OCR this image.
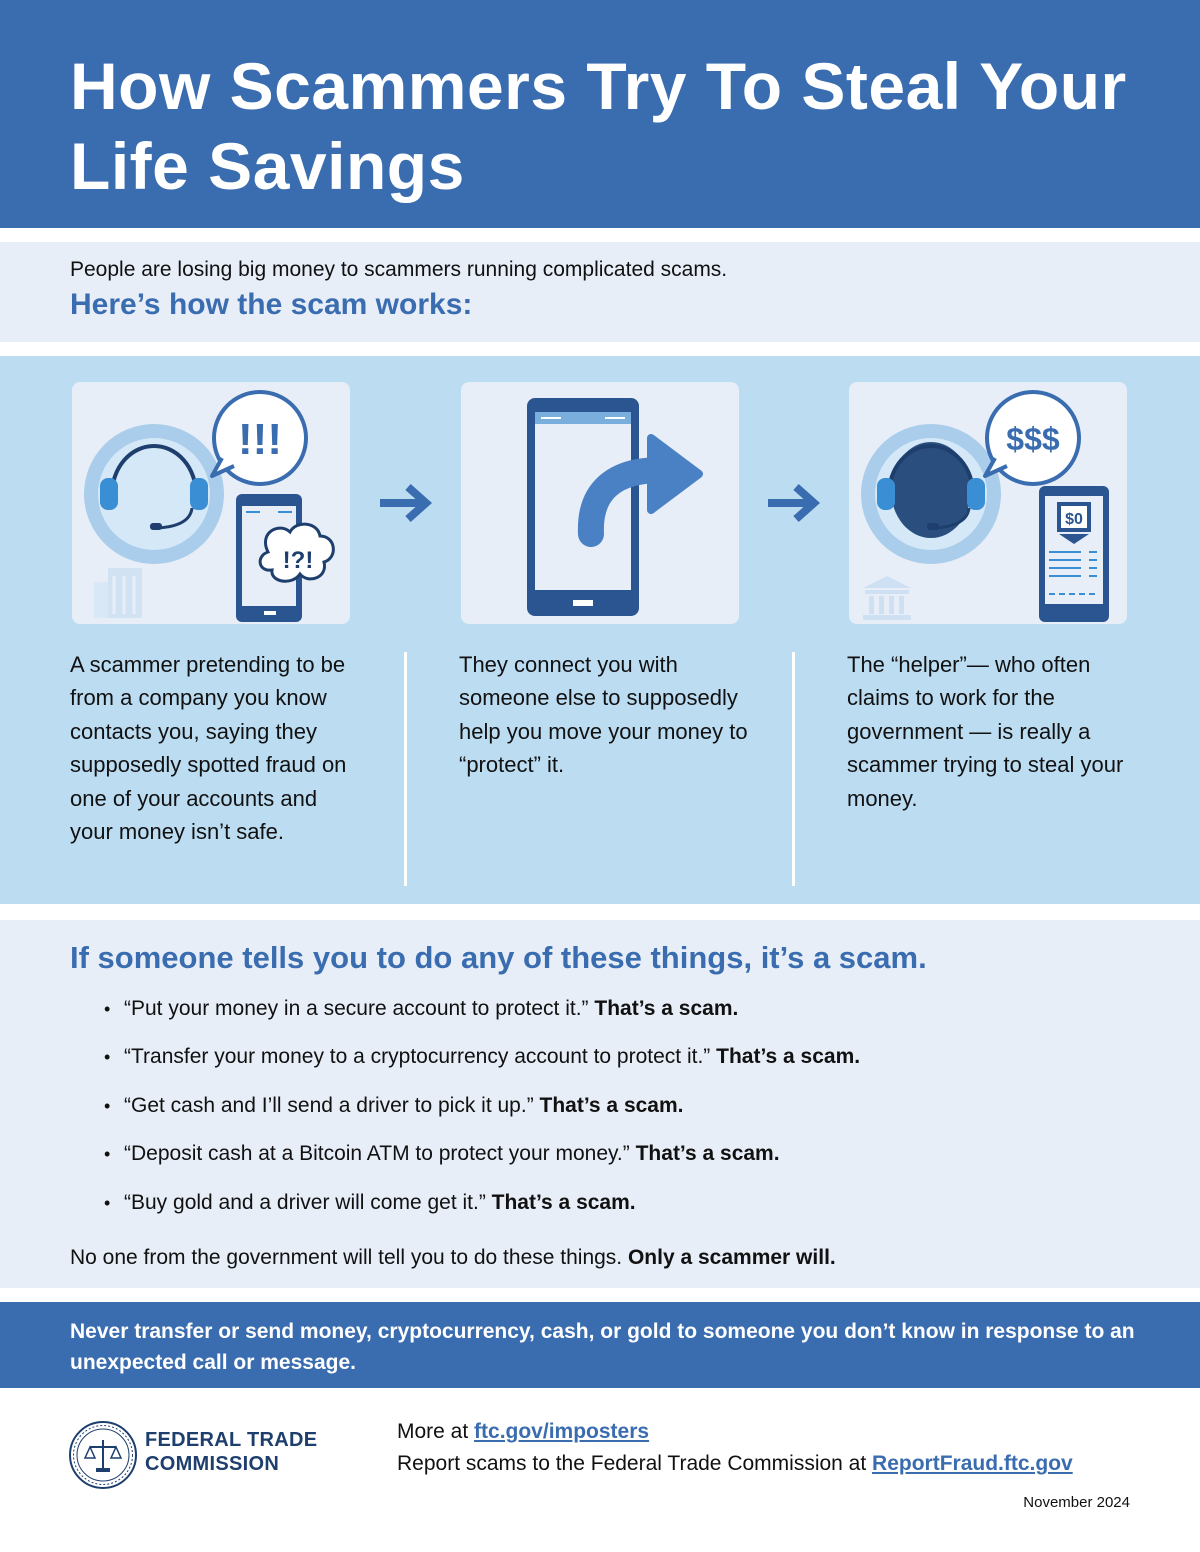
How Scammers Try To Steal Your Life Savings

People are losing big money to scammers running complicated scams.

Here’s how the scam works:
!!!
!?!
$$$
$0

A scammer pretending to be from a company you know contacts you, saying they supposedly spotted fraud on one of your accounts and your money isn’t safe.

They connect you with someone else to supposedly help you move your money to “protect” it.

The “helper”— who often claims to work for the government — is really a scammer trying to steal your money.

If someone tells you to do any of these things, it’s a scam.
• “Put your money in a secure account to protect it.” That’s a scam.
• “Transfer your money to a cryptocurrency account to protect it.” That’s a scam.
• “Get cash and I’ll send a driver to pick it up.” That’s a scam.
• “Deposit cash at a Bitcoin ATM to protect your money.” That’s a scam.
• “Buy gold and a driver will come get it.” That’s a scam.

No one from the government will tell you to do these things. Only a scammer will.

Never transfer or send money, cryptocurrency, cash, or gold to someone you don’t know in response to an unexpected call or message.

FEDERAL TRADE
COMMISSION

More at ftc.gov/imposters

Report scams to the Federal Trade Commission at ReportFraud.ftc.gov

November 2024
